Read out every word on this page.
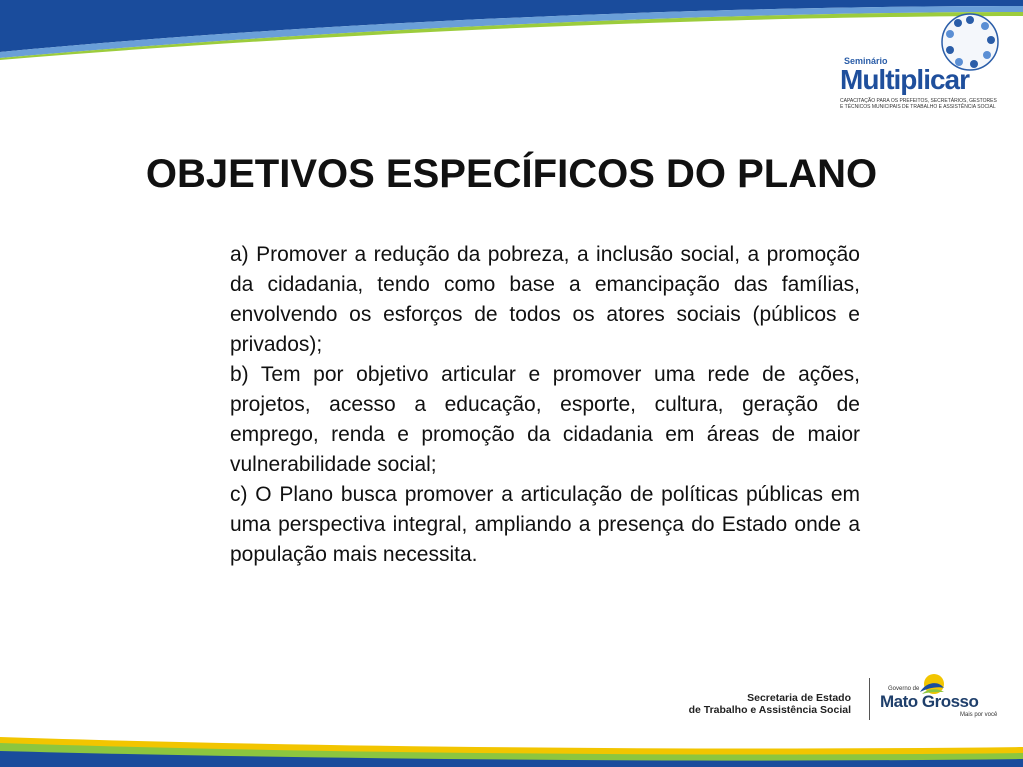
Seminário
Multiplicar
CAPACITAÇÃO PARA OS PREFEITOS, SECRETÁRIOS, GESTORES E TÉCNICOS MUNICIPAIS DE TRABALHO E ASSISTÊNCIA SOCIAL
OBJETIVOS ESPECÍFICOS DO PLANO

a) Promover a redução da pobreza, a inclusão social, a promoção da cidadania, tendo como base a emancipação das famílias, envolvendo os esforços de todos os atores sociais (públicos e privados);

b) Tem por objetivo articular e promover uma rede de ações, projetos, acesso a educação, esporte, cultura, geração de emprego, renda e promoção da cidadania em áreas de maior vulnerabilidade social;

c) O Plano busca promover a articulação de políticas públicas em uma perspectiva integral, ampliando a presença do Estado onde a população mais necessita.

Secretaria de Estado
de Trabalho e Assistência Social
Governo de
Mato Grosso
Mais por você
